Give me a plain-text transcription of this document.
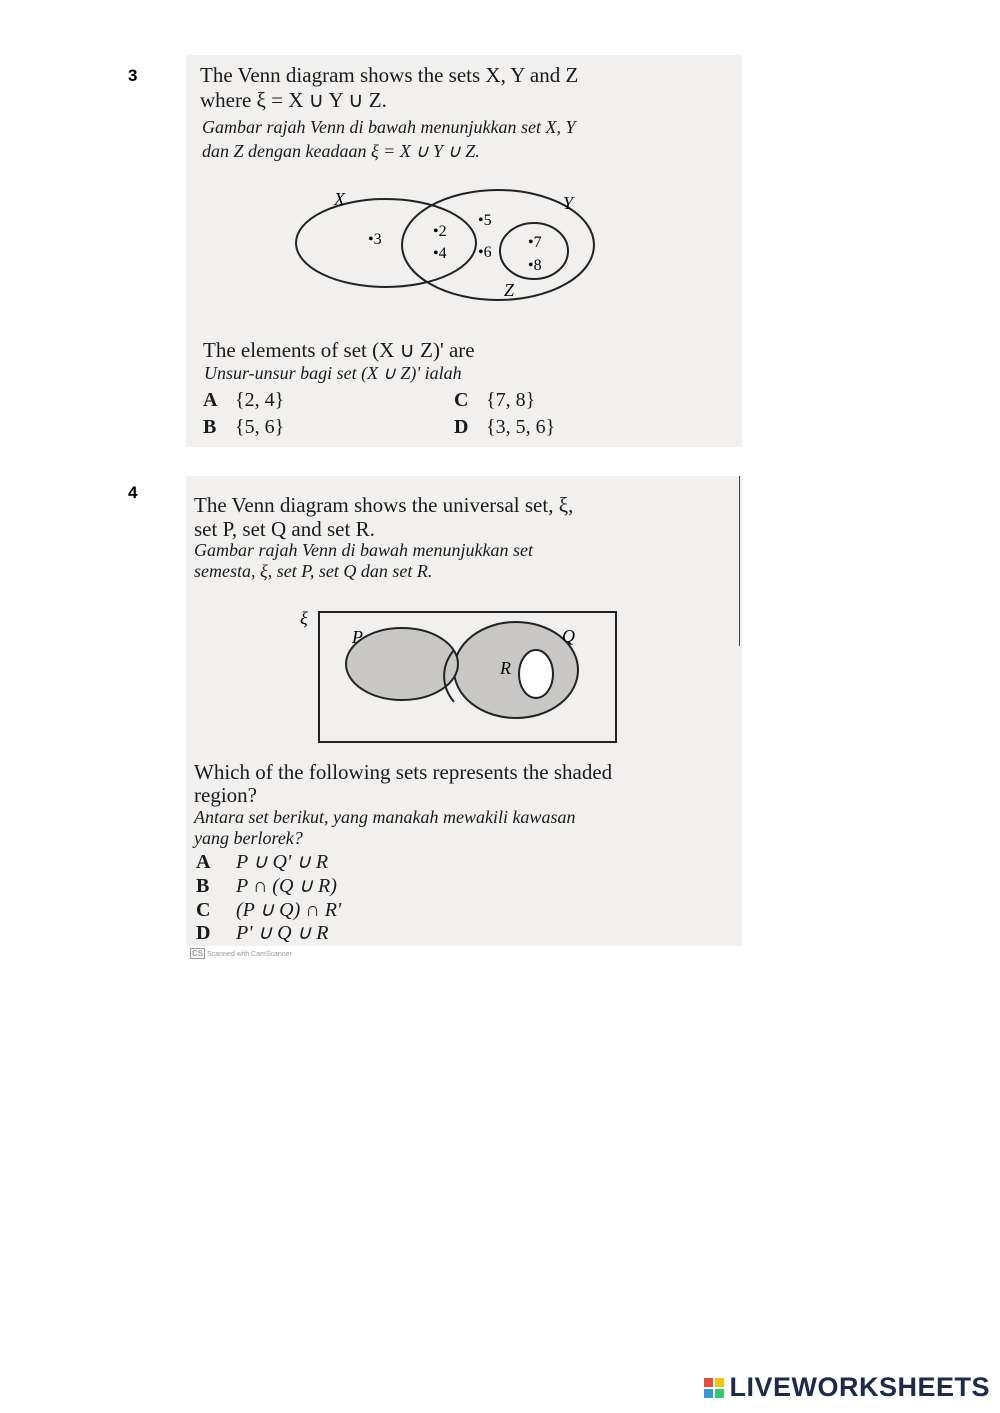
3	The Venn diagram shows the sets X, Y and Z
where ξ = X ∪ Y ∪ Z.
Gambar rajah Venn di bawah menunjukkan set X, Y
dan Z dengan keadaan ξ = X ∪ Y ∪ Z.
X	Y
Z
•3	•2
•4
•5
•6
•7
•8
The elements of set (X ∪ Z)' are
Unsur-unsur bagi set (X ∪ Z)' ialah
A {2, 4}
B {5, 6}
C {7, 8}
D {3, 5, 6}
4
The Venn diagram shows the universal set, ξ,
set P, set Q and set R.
Gambar rajah Venn di bawah menunjukkan set
semesta, ξ, set P, set Q dan set R.
ξ
P	Q
R
Which of the following sets represents the shaded
region?
Antara set berikut, yang manakah mewakili kawasan
yang berlorek?
A P ∪ Q' ∪ R
B P ∩ (Q ∪ R)
C (P ∪ Q) ∩ R'
D P' ∪ Q ∪ R
CS Scanned with CamScanner
LIVEWORKSHEETS
